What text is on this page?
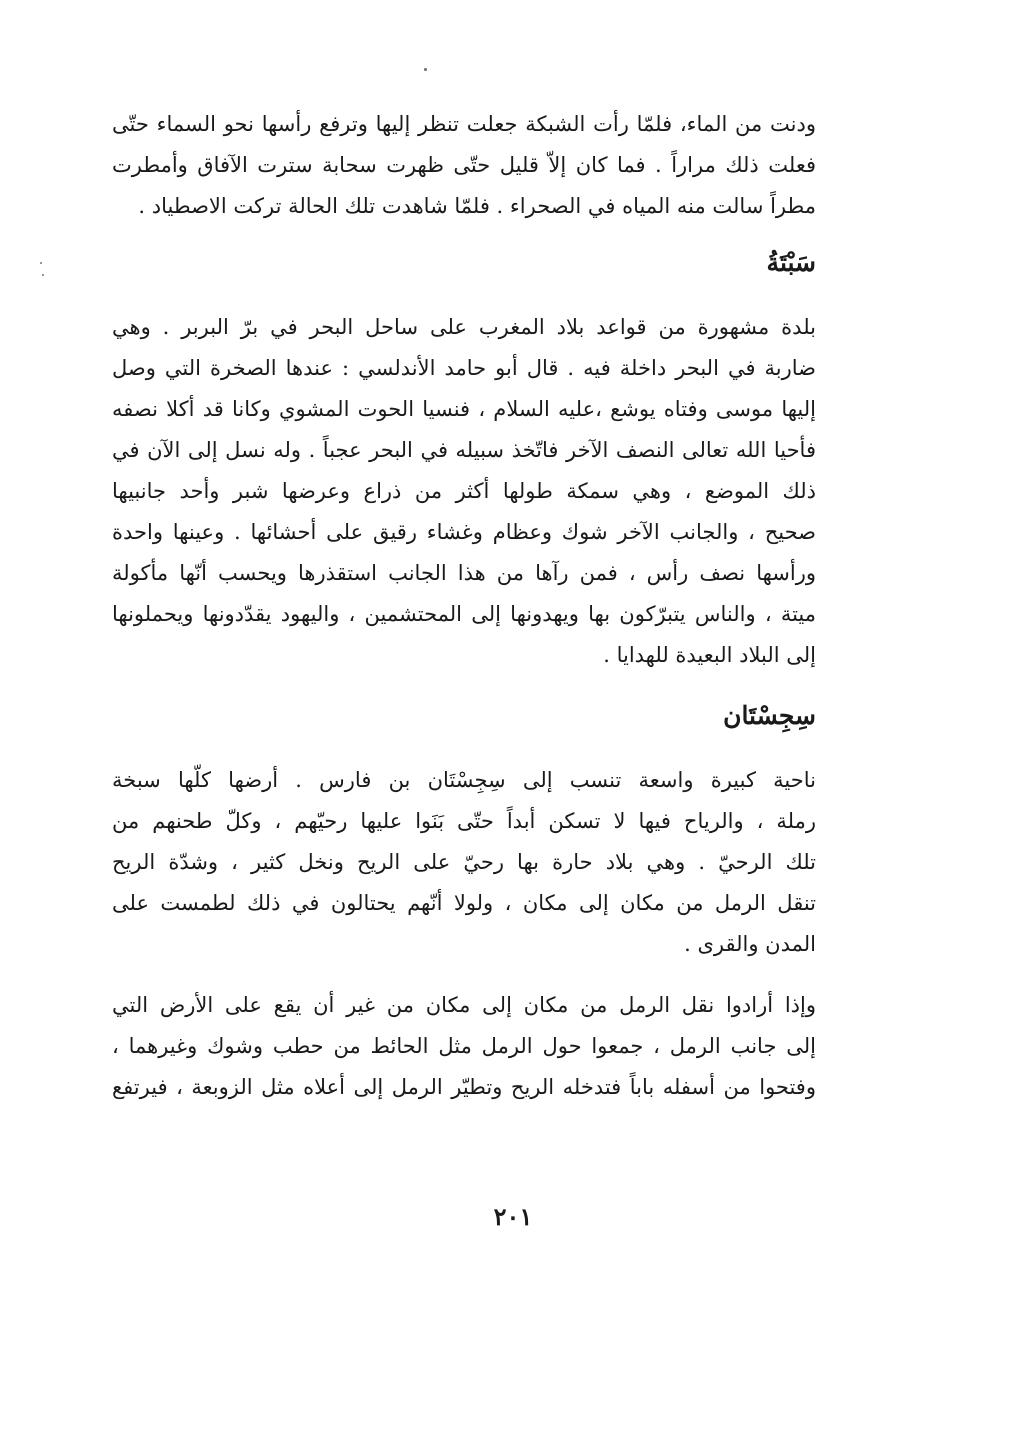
ودنت من الماء، فلمّا رأت الشبكة جعلت تنظر إليها وترفع رأسها نحو السماء حتّى
فعلت ذلك مراراً . فما كان إلاّ قليل حتّى ظهرت سحابة سترت الآفاق وأمطرت
مطراً سالت منه المياه في الصحراء . فلمّا شاهدت تلك الحالة تركت الاصطياد .
سَبْتَةُ
بلدة مشهورة من قواعد بلاد المغرب على ساحل البحر في برّ البربر . وهي
ضاربة في البحر داخلة فيه . قال أبو حامد الأندلسي : عندها الصخرة التي وصل
إليها موسى وفتاه يوشع ،عليه السلام ، فنسيا الحوت المشوي وكانا قد أكلا نصفه
فأحيا الله تعالى النصف الآخر فاتّخذ سبيله في البحر عجباً . وله نسل إلى الآن في
ذلك الموضع ، وهي سمكة طولها أكثر من ذراع وعرضها شبر وأحد جانبيها
صحيح ، والجانب الآخر شوك وعظام وغشاء رقيق على أحشائها . وعينها واحدة
ورأسها نصف رأس ، فمن رآها من هذا الجانب استقذرها ويحسب أنّها مأكولة
ميتة ، والناس يتبرّكون بها ويهدونها إلى المحتشمين ، واليهود يقدّدونها ويحملونها
إلى البلاد البعيدة للهدايا .
سِجِسْتَان
ناحية كبيرة واسعة تنسب إلى سِجِسْتَان بن فارس . أرضها كلّها سبخة
رملة ، والرياح فيها لا تسكن أبداً حتّى بَنَوا عليها رحيّهم ، وكلّ طحنهم من
تلك الرحيّ . وهي بلاد حارة بها رحيّ على الريح ونخل كثير ، وشدّة الريح
تنقل الرمل من مكان إلى مكان ، ولولا أنّهم يحتالون في ذلك لطمست على
المدن والقرى .
وإذا أرادوا نقل الرمل من مكان إلى مكان من غير أن يقع على الأرض التي
إلى جانب الرمل ، جمعوا حول الرمل مثل الحائط من حطب وشوك وغيرهما ،
وفتحوا من أسفله باباً فتدخله الريح وتطيّر الرمل إلى أعلاه مثل الزوبعة ، فيرتفع
٢٠١
